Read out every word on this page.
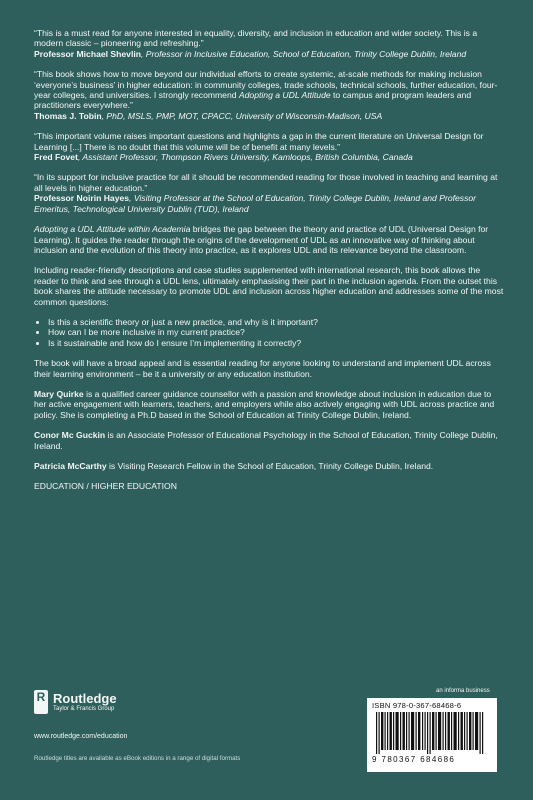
“This is a must read for anyone interested in equality, diversity, and inclusion in education and wider society. This is a modern classic – pioneering and refreshing.”
Professor Michael Shevlin, Professor in Inclusive Education, School of Education, Trinity College Dublin, Ireland

“This book shows how to move beyond our individual efforts to create systemic, at-scale methods for making inclusion ‘everyone’s business’ in higher education: in community colleges, trade schools, technical schools, further education, four-year colleges, and universities. I strongly recommend Adopting a UDL Attitude to campus and program leaders and practitioners everywhere.”
Thomas J. Tobin, PhD, MSLS, PMP, MOT, CPACC, University of Wisconsin-Madison, USA

“This important volume raises important questions and highlights a gap in the current literature on Universal Design for Learning [...] There is no doubt that this volume will be of benefit at many levels.”
Fred Fovet, Assistant Professor, Thompson Rivers University, Kamloops, British Columbia, Canada

“In its support for inclusive practice for all it should be recommended reading for those involved in teaching and learning at all levels in higher education.”
Professor Noirin Hayes, Visiting Professor at the School of Education, Trinity College Dublin, Ireland and Professor Emeritus, Technological University Dublin (TUD), Ireland

Adopting a UDL Attitude within Academia bridges the gap between the theory and practice of UDL (Universal Design for Learning). It guides the reader through the origins of the development of UDL as an innovative way of thinking about inclusion and the evolution of this theory into practice, as it explores UDL and its relevance beyond the classroom.

Including reader-friendly descriptions and case studies supplemented with international research, this book allows the reader to think and see through a UDL lens, ultimately emphasising their part in the inclusion agenda. From the outset this book shares the attitude necessary to promote UDL and inclusion across higher education and addresses some of the most common questions:

• Is this a scientific theory or just a new practice, and why is it important?
• How can I be more inclusive in my current practice?
• Is it sustainable and how do I ensure I’m implementing it correctly?

The book will have a broad appeal and is essential reading for anyone looking to understand and implement UDL across their learning environment – be it a university or any education institution.

Mary Quirke is a qualified career guidance counsellor with a passion and knowledge about inclusion in education due to her active engagement with learners, teachers, and employers while also actively engaging with UDL across practice and policy. She is completing a Ph.D based in the School of Education at Trinity College Dublin, Ireland.

Conor Mc Guckin is an Associate Professor of Educational Psychology in the School of Education, Trinity College Dublin, Ireland.

Patricia McCarthy is Visiting Research Fellow in the School of Education, Trinity College Dublin, Ireland.

EDUCATION / HIGHER EDUCATION

R Routledge
Taylor & Francis Group
www.routledge.com/education
Routledge titles are available as eBook editions in a range of digital formats
an informa business
ISBN 978-0-367-68468-6
9 780367 684686
